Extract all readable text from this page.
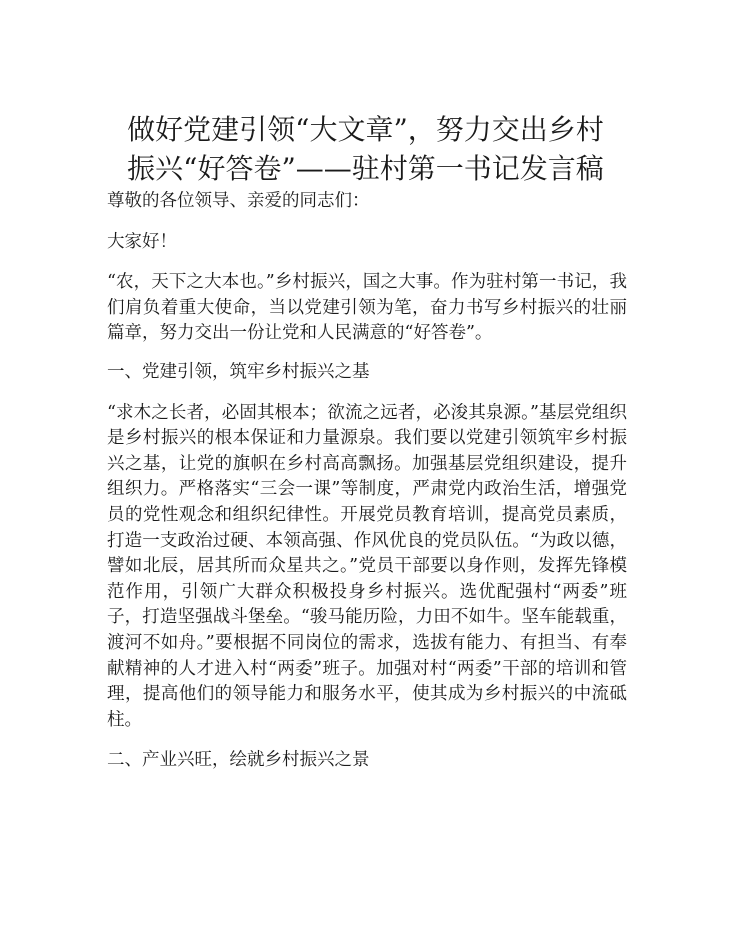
做好党建引领“大文章”，努力交出乡村
振兴“好答卷”——驻村第一书记发言稿

尊敬的各位领导、亲爱的同志们：

大家好！

“农，天下之大本也。”乡村振兴，国之大事。作为驻村第一书记，我们肩负着重大使命，当以党建引领为笔，奋力书写乡村振兴的壮丽篇章，努力交出一份让党和人民满意的“好答卷”。

一、党建引领，筑牢乡村振兴之基

“求木之长者，必固其根本；欲流之远者，必浚其泉源。”基层党组织是乡村振兴的根本保证和力量源泉。我们要以党建引领筑牢乡村振兴之基，让党的旗帜在乡村高高飘扬。加强基层党组织建设，提升组织力。严格落实“三会一课”等制度，严肃党内政治生活，增强党员的党性观念和组织纪律性。开展党员教育培训，提高党员素质，打造一支政治过硬、本领高强、作风优良的党员队伍。“为政以德，譬如北辰，居其所而众星共之。”党员干部要以身作则，发挥先锋模范作用，引领广大群众积极投身乡村振兴。选优配强村“两委”班子，打造坚强战斗堡垒。“骏马能历险，力田不如牛。坚车能载重，渡河不如舟。”要根据不同岗位的需求，选拔有能力、有担当、有奉献精神的人才进入村“两委”班子。加强对村“两委”干部的培训和管理，提高他们的领导能力和服务水平，使其成为乡村振兴的中流砥柱。

二、产业兴旺，绘就乡村振兴之景
